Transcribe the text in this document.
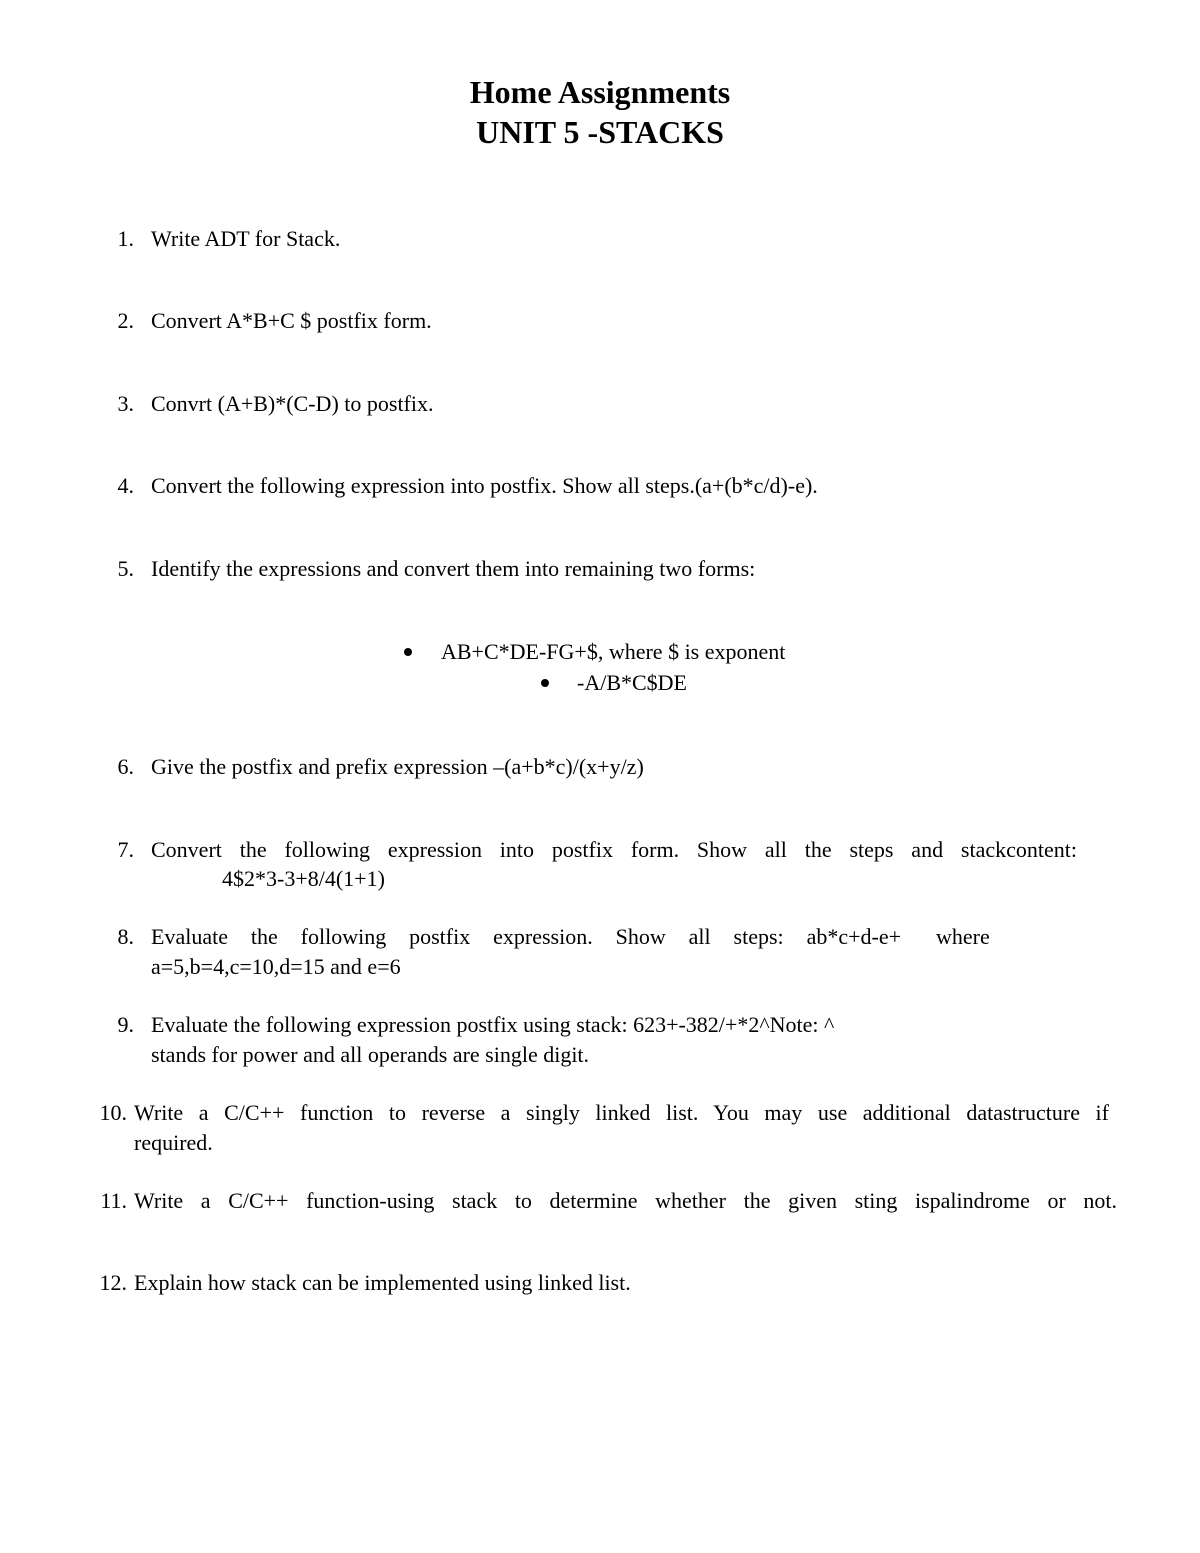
Home Assignments
UNIT 5 -STACKS
1. Write ADT for Stack.
2. Convert A*B+C $ postfix form.
3. Convrt (A+B)*(C-D) to postfix.
4. Convert the following expression into postfix. Show all steps.(a+(b*c/d)-e).
5. Identify the expressions and convert them into remaining two forms:
AB+C*DE-FG+$, where $ is exponent
-A/B*C$DE
6. Give the postfix and prefix expression –(a+b*c)/(x+y/z)
7. Convert the following expression into postfix form. Show all the steps and stackcontent:
4$2*3-3+8/4(1+1)
8. Evaluate the following postfix expression. Show all steps: ab*c+d-e+ where
a=5,b=4,c=10,d=15 and e=6
9. Evaluate the following expression postfix using stack: 623+-382/+*2^Note: ^
stands for power and all operands are single digit.
10. Write a C/C++ function to reverse a singly linked list. You may use additional datastructure if
required.
11. Write a C/C++ function-using stack to determine whether the given sting ispalindrome or not.
12. Explain how stack can be implemented using linked list.
